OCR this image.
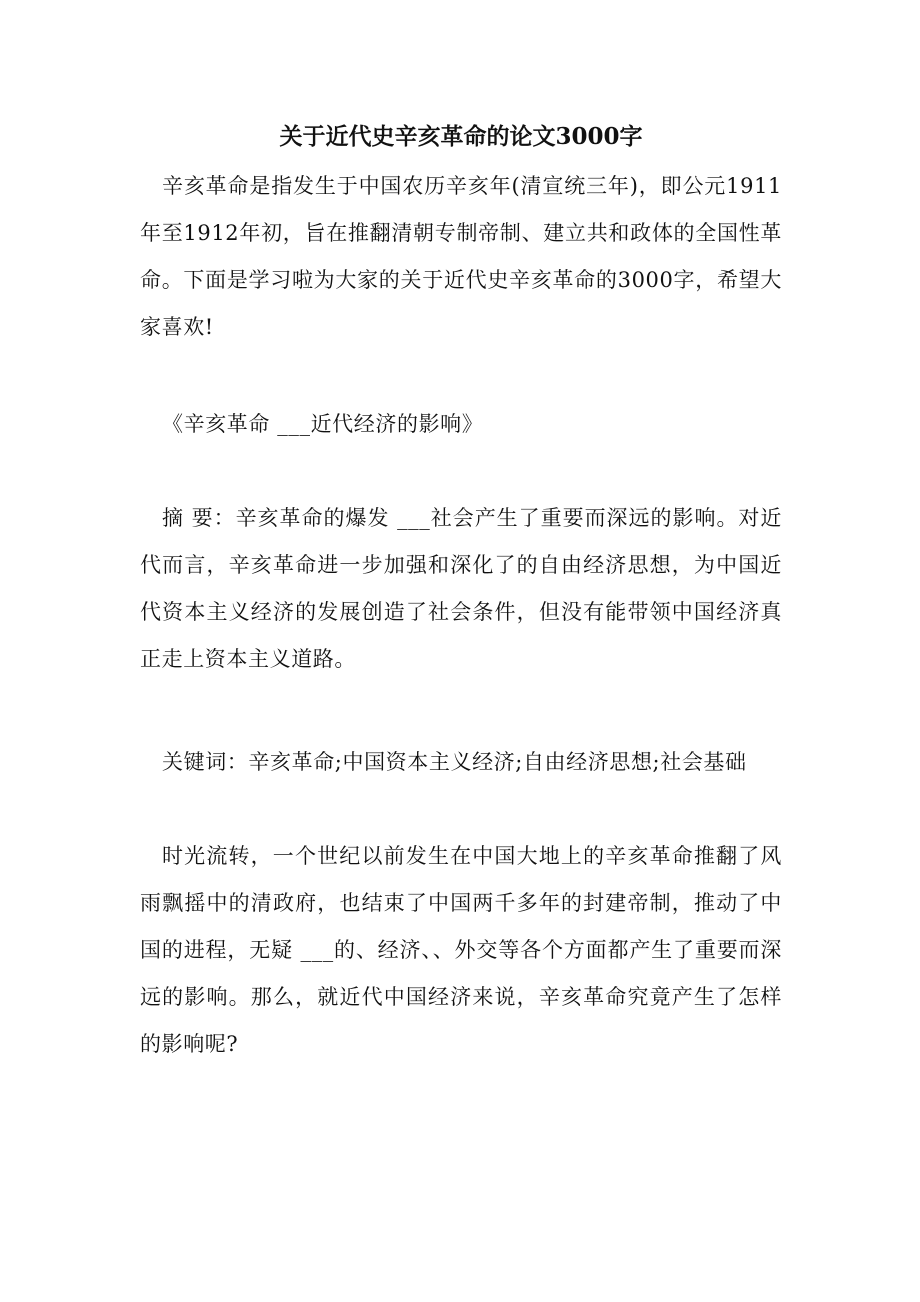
关于近代史辛亥革命的论文3000字

辛亥革命是指发生于中国农历辛亥年(清宣统三年)，即公元1911年至1912年初，旨在推翻清朝专制帝制、建立共和政体的全国性革命。下面是学习啦为大家的关于近代史辛亥革命的3000字，希望大家喜欢!

《辛亥革命 ___近代经济的影响》

摘 要：辛亥革命的爆发 ___社会产生了重要而深远的影响。对近代而言，辛亥革命进一步加强和深化了的自由经济思想，为中国近代资本主义经济的发展创造了社会条件，但没有能带领中国经济真正走上资本主义道路。

关键词：辛亥革命;中国资本主义经济;自由经济思想;社会基础

时光流转，一个世纪以前发生在中国大地上的辛亥革命推翻了风雨飘摇中的清政府，也结束了中国两千多年的封建帝制，推动了中国的进程，无疑 ___的、经济、、外交等各个方面都产生了重要而深远的影响。那么，就近代中国经济来说，辛亥革命究竟产生了怎样的影响呢?
